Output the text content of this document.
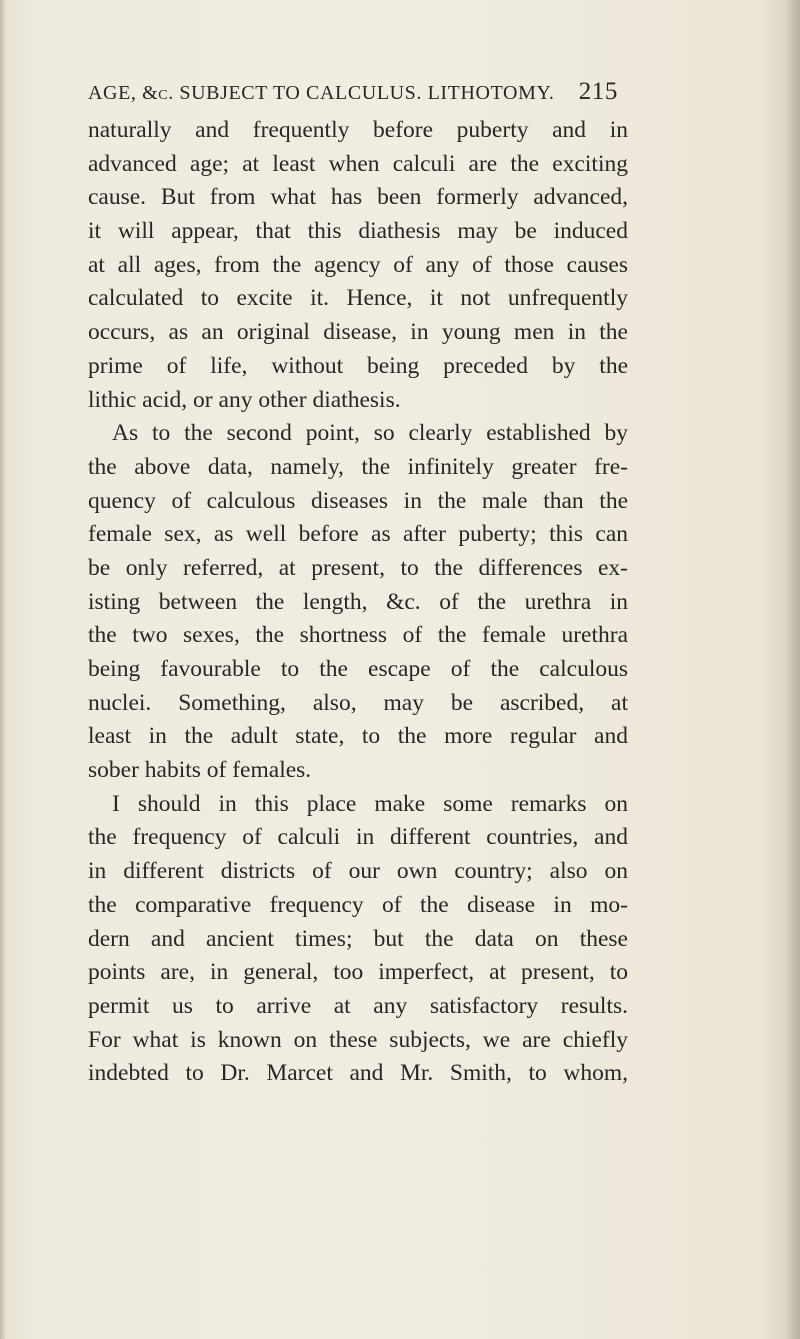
AGE, &c. SUBJECT TO CALCULUS. LITHOTOMY. 215
naturally and frequently before puberty and in
advanced age; at least when calculi are the exciting
cause. But from what has been formerly advanced,
it will appear, that this diathesis may be induced
at all ages, from the agency of any of those causes
calculated to excite it. Hence, it not unfrequently
occurs, as an original disease, in young men in the
prime of life, without being preceded by the
lithic acid, or any other diathesis.
As to the second point, so clearly established by
the above data, namely, the infinitely greater fre-
quency of calculous diseases in the male than the
female sex, as well before as after puberty; this can
be only referred, at present, to the differences ex-
isting between the length, &c. of the urethra in
the two sexes, the shortness of the female urethra
being favourable to the escape of the calculous
nuclei. Something, also, may be ascribed, at
least in the adult state, to the more regular and
sober habits of females.
I should in this place make some remarks on
the frequency of calculi in different countries, and
in different districts of our own country; also on
the comparative frequency of the disease in mo-
dern and ancient times; but the data on these
points are, in general, too imperfect, at present, to
permit us to arrive at any satisfactory results.
For what is known on these subjects, we are chiefly
indebted to Dr. Marcet and Mr. Smith, to whom,
